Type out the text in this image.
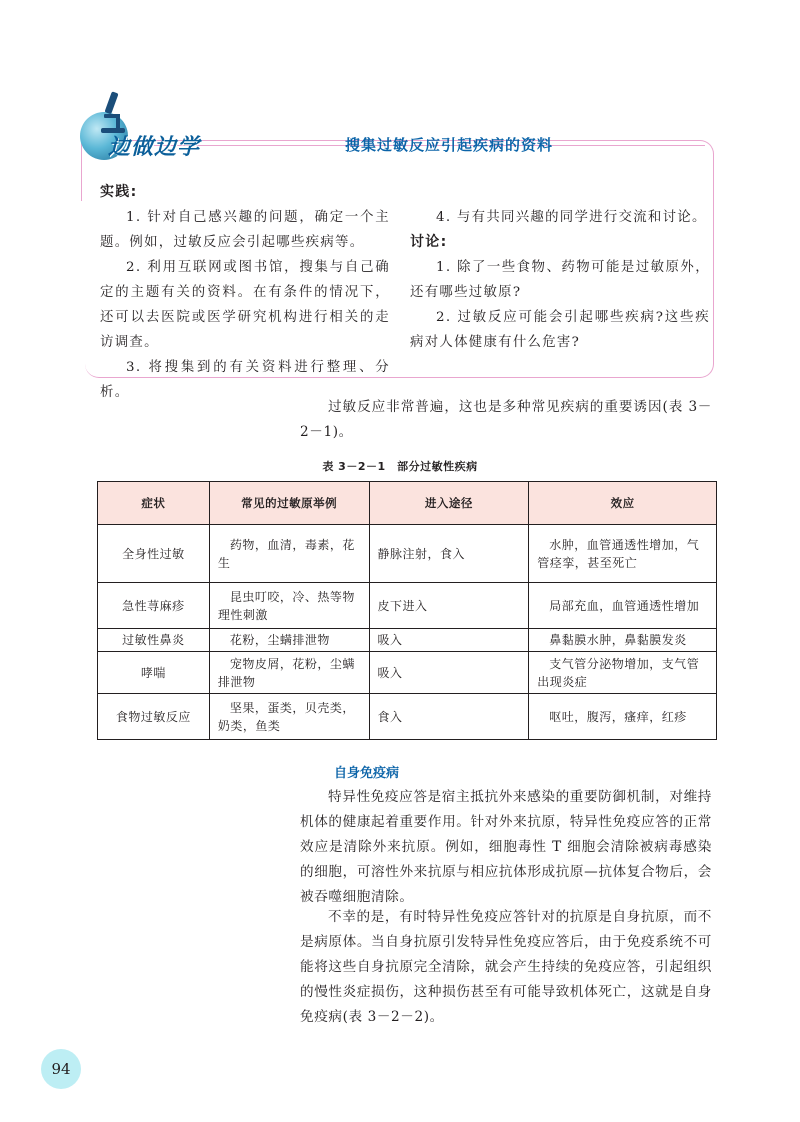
边做边学	搜集过敏反应引起疾病的资料
实践:

1. 针对自己感兴趣的问题，确定一个主题。例如，过敏反应会引起哪些疾病等。

2. 利用互联网或图书馆，搜集与自己确定的主题有关的资料。在有条件的情况下，还可以去医院或医学研究机构进行相关的走访调查。

3. 将搜集到的有关资料进行整理、分析。

4. 与有共同兴趣的同学进行交流和讨论。

讨论:

1. 除了一些食物、药物可能是过敏原外，还有哪些过敏原?

2. 过敏反应可能会引起哪些疾病?这些疾病对人体健康有什么危害?

过敏反应非常普遍，这也是多种常见疾病的重要诱因(表 3－2－1)。

表 3－2－1　部分过敏性疾病
症状	常见的过敏原举例	进入途径	效应
全身性过敏	药物，血清，毒素，花生	静脉注射，食入	水肿，血管通透性增加，气管痉挛，甚至死亡
急性荨麻疹	昆虫叮咬，冷、热等物理性刺激	皮下进入	局部充血，血管通透性增加
过敏性鼻炎	花粉，尘螨排泄物	吸入	鼻黏膜水肿，鼻黏膜发炎
哮喘	宠物皮屑，花粉，尘螨排泄物	吸入	支气管分泌物增加，支气管出现炎症
食物过敏反应	坚果，蛋类，贝壳类，奶类，鱼类	食入	呕吐，腹泻，瘙痒，红疹
自身免疫病

特异性免疫应答是宿主抵抗外来感染的重要防御机制，对维持机体的健康起着重要作用。针对外来抗原，特异性免疫应答的正常效应是清除外来抗原。例如，细胞毒性 T 细胞会清除被病毒感染的细胞，可溶性外来抗原与相应抗体形成抗原—抗体复合物后，会被吞噬细胞清除。

不幸的是，有时特异性免疫应答针对的抗原是自身抗原，而不是病原体。当自身抗原引发特异性免疫应答后，由于免疫系统不可能将这些自身抗原完全清除，就会产生持续的免疫应答，引起组织的慢性炎症损伤，这种损伤甚至有可能导致机体死亡，这就是自身免疫病(表 3－2－2)。

94
